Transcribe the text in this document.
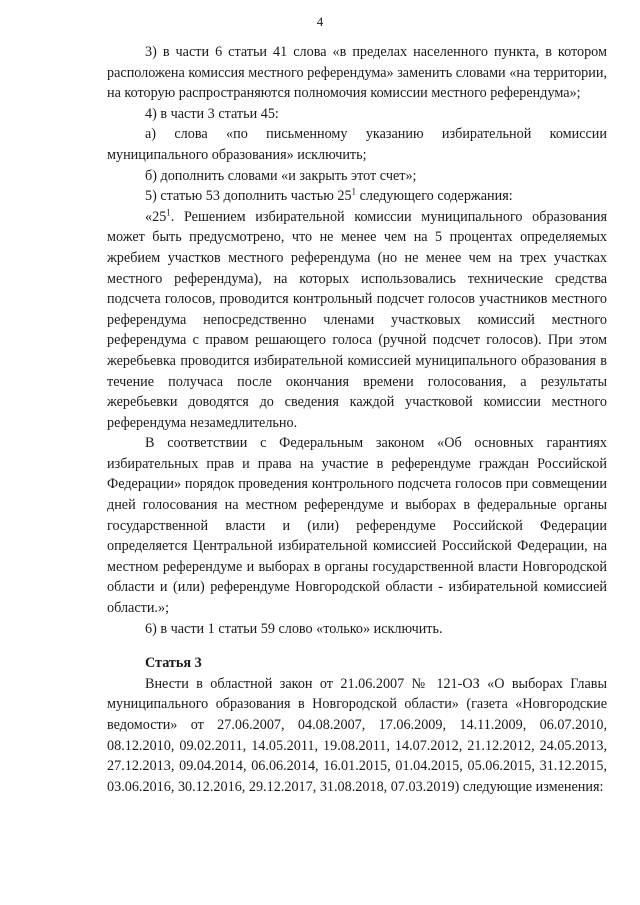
4

3) в части 6 статьи 41 слова «в пределах населенного пункта, в котором расположена комиссия местного референдума» заменить словами «на территории, на которую распространяются полномочия комиссии местного референдума»;

4) в части 3 статьи 45:

а) слова «по письменному указанию избирательной комиссии муниципального образования» исключить;

б) дополнить словами «и закрыть этот счет»;

5) статью 53 дополнить частью $25^1$ следующего содержания:

«$25^1$. Решением избирательной комиссии муниципального образования может быть предусмотрено, что не менее чем на 5 процентах определяемых жребием участков местного референдума (но не менее чем на трех участках местного референдума), на которых использовались технические средства подсчета голосов, проводится контрольный подсчет голосов участников местного референдума непосредственно членами участковых комиссий местного референдума с правом решающего голоса (ручной подсчет голосов). При этом жеребьевка проводится избирательной комиссией муниципального образования в течение получаса после окончания времени голосования, а результаты жеребьевки доводятся до сведения каждой участковой комиссии местного референдума незамедлительно.

В соответствии с Федеральным законом «Об основных гарантиях избирательных прав и права на участие в референдуме граждан Российской Федерации» порядок проведения контрольного подсчета голосов при совмещении дней голосования на местном референдуме и выборах в федеральные органы государственной власти и (или) референдуме Российской Федерации определяется Центральной избирательной комиссией Российской Федерации, на местном референдуме и выборах в органы государственной власти Новгородской области и (или) референдуме Новгородской области - избирательной комиссией области.»;

6) в части 1 статьи 59 слово «только» исключить.

Статья 3

Внести в областной закон от 21.06.2007 № 121-ОЗ «О выборах Главы муниципального образования в Новгородской области» (газета «Новгородские ведомости» от 27.06.2007, 04.08.2007, 17.06.2009, 14.11.2009, 06.07.2010, 08.12.2010, 09.02.2011, 14.05.2011, 19.08.2011, 14.07.2012, 21.12.2012, 24.05.2013, 27.12.2013, 09.04.2014, 06.06.2014, 16.01.2015, 01.04.2015, 05.06.2015, 31.12.2015, 03.06.2016, 30.12.2016, 29.12.2017, 31.08.2018, 07.03.2019) следующие изменения:
